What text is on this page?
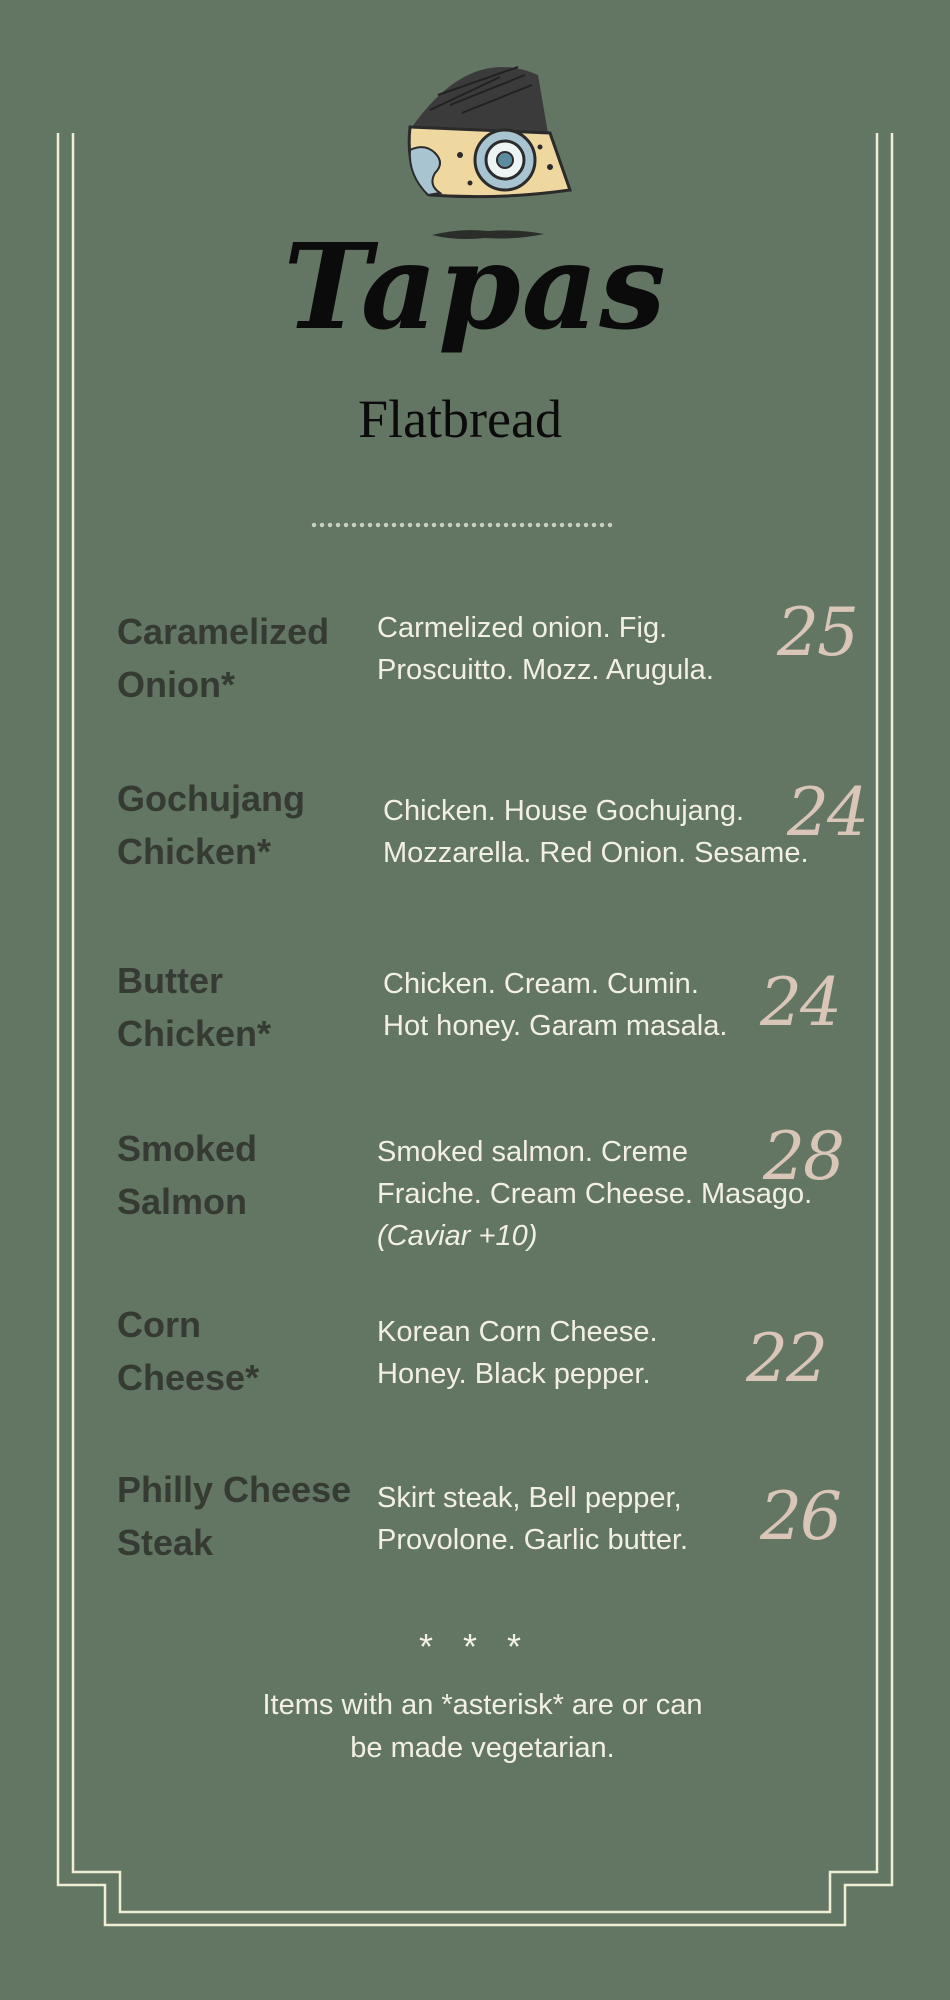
Tapas
Flatbread
Caramelized
Onion*
Carmelized onion. Fig.
Proscuitto. Mozz. Arugula. 25
Gochujang
Chicken*
Chicken. House Gochujang.
Mozzarella. Red Onion. Sesame.
24
Butter
Chicken*
Chicken. Cream. Cumin.
Hot honey. Garam masala. 24
Smoked
Salmon
Smoked salmon. Creme
Fraiche. Cream Cheese. Masago.
(Caviar +10)
28
Corn
Cheese*
Korean Corn Cheese.
Honey. Black pepper.	22
Philly Cheese
Steak
Skirt steak, Bell pepper,
Provolone. Garlic butter.	26
* * *
Items with an *asterisk* are or can
be made vegetarian.
